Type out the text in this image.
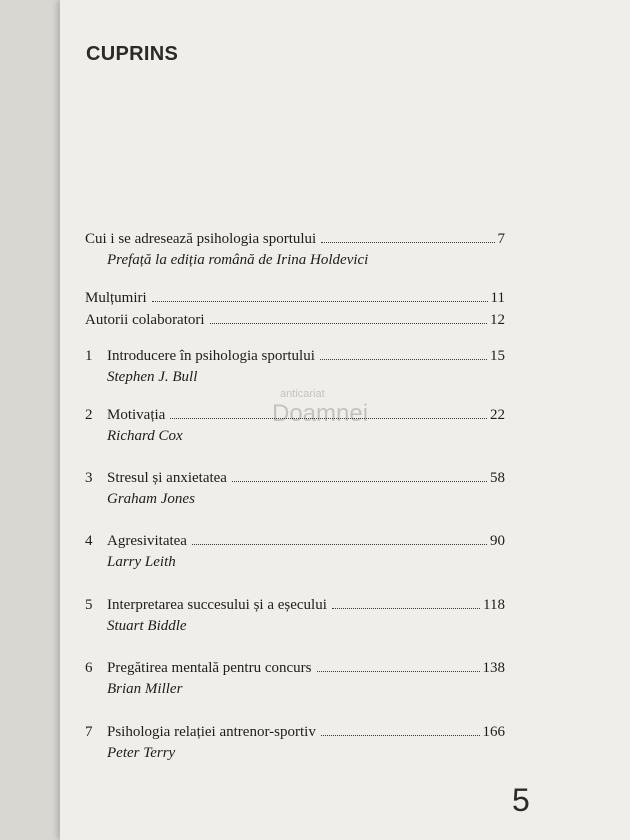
CUPRINS
anticariat
Doamnei
Cui i se adresează psihologia sportului	7
Prefață la ediția română de Irina Holdevici
Mulțumiri	11
Autorii colaboratori	12
1 Introducere în psihologia sportului	15
Stephen J. Bull
2 Motivația	22
Richard Cox
3 Stresul și anxietatea	58
Graham Jones
4 Agresivitatea	90
Larry Leith
5 Interpretarea succesului și a eșecului	118
Stuart Biddle
6 Pregătirea mentală pentru concurs	138
Brian Miller
7 Psihologia relației antrenor-sportiv	166
Peter Terry
5
